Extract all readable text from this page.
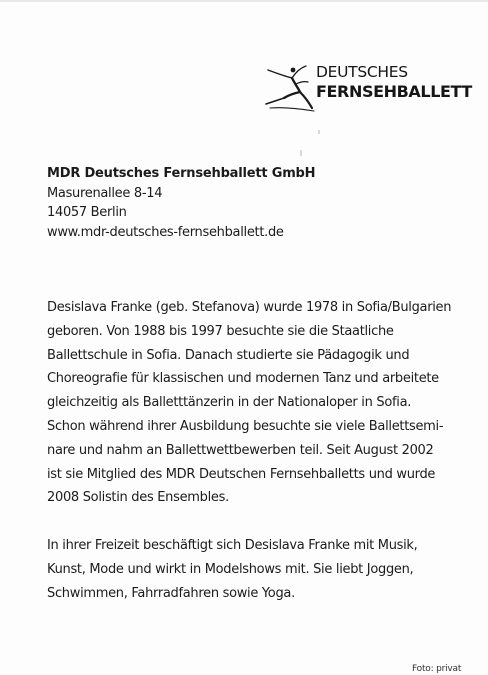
DEUTSCHES
FERNSEHBALLETT
MDR Deutsches Fernsehballett GmbH
Masurenallee 8-14
14057 Berlin
www.mdr-deutsches-fernsehballett.de
Desislava Franke (geb. Stefanova) wurde 1978 in Sofia/Bulgarien
geboren. Von 1988 bis 1997 besuchte sie die Staatliche
Ballettschule in Sofia. Danach studierte sie Pädagogik und
Choreografie für klassischen und modernen Tanz und arbeitete
gleichzeitig als Balletttänzerin in der Nationaloper in Sofia.
Schon während ihrer Ausbildung besuchte sie viele Ballettsemi-
nare und nahm an Ballettwettbewerben teil. Seit August 2002
ist sie Mitglied des MDR Deutschen Fernsehballetts und wurde
2008 Solistin des Ensembles.
In ihrer Freizeit beschäftigt sich Desislava Franke mit Musik,
Kunst, Mode und wirkt in Modelshows mit. Sie liebt Joggen,
Schwimmen, Fahrradfahren sowie Yoga.
Foto: privat
